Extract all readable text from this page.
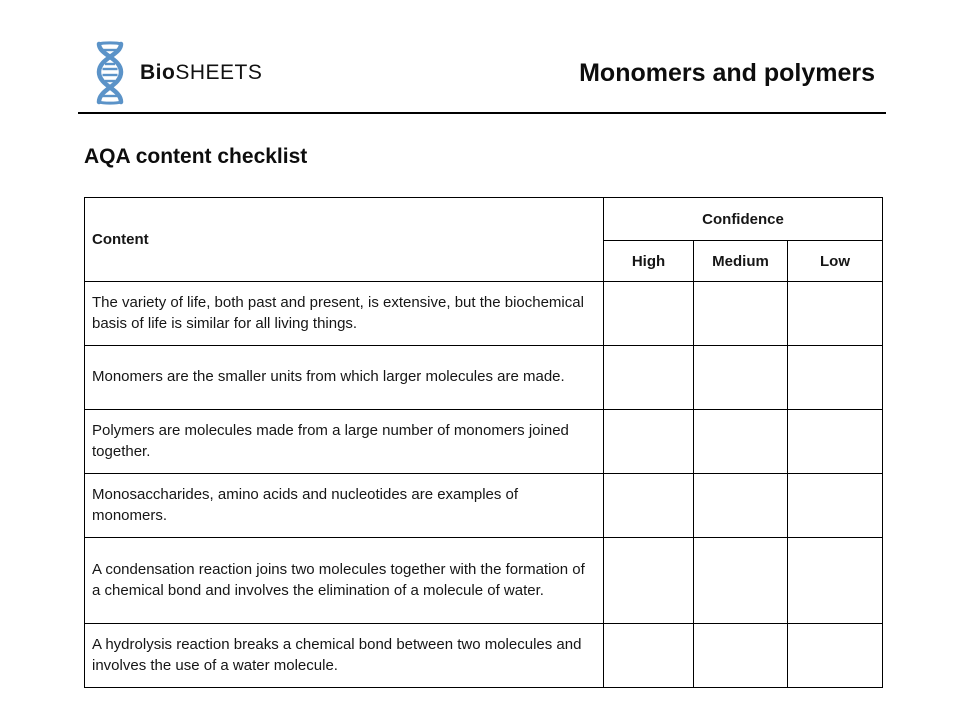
BioSHEETS	Monomers and polymers
AQA content checklist
Content	Confidence		
	High	Medium	Low
The variety of life, both past and present, is extensive, but the biochemical basis of life is similar for all living things.			
Monomers are the smaller units from which larger molecules are made.			
Polymers are molecules made from a large number of monomers joined together.			
Monosaccharides, amino acids and nucleotides are examples of monomers.			
A condensation reaction joins two molecules together with the formation of a chemical bond and involves the elimination of a molecule of water.			
A hydrolysis reaction breaks a chemical bond between two molecules and involves the use of a water molecule.			
